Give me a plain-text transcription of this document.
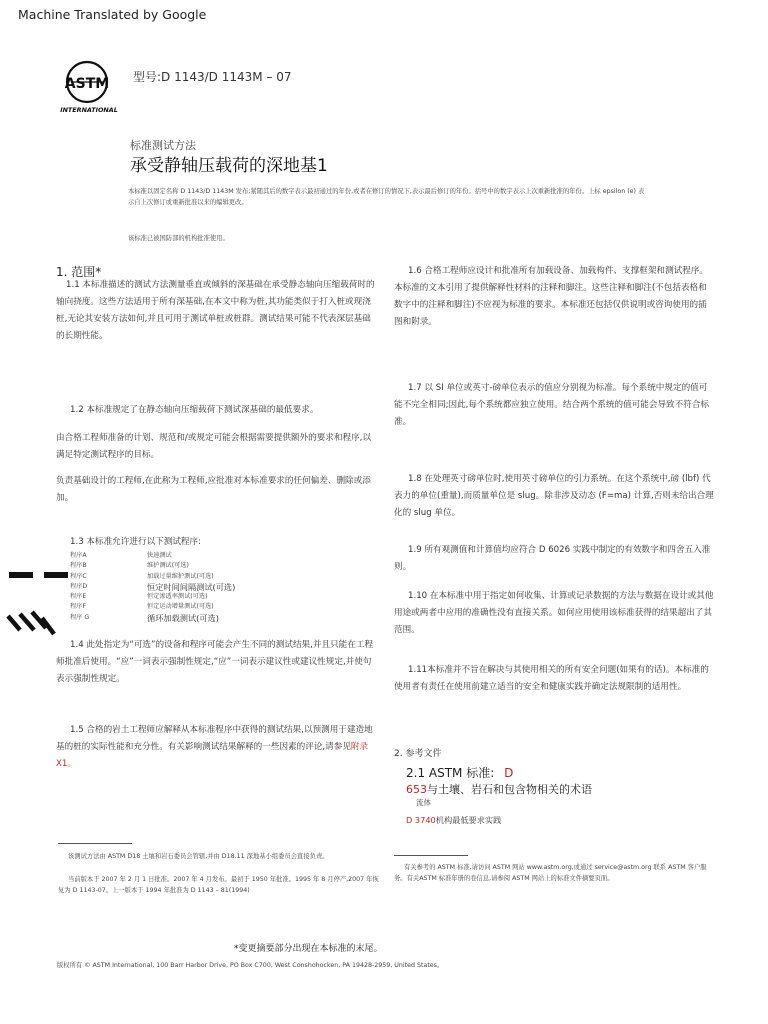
Machine Translated by Google
ASTM
INTERNATIONAL
型号:D 1143/D 1143M – 07
标准测试方法
承受静轴压载荷的深地基1
本标准以固定名称 D 1143/D 1143M 发布;紧随其后的数字表示最初通过的年份,或者在修订的情况下,表示最后修订的年份。括号中的数字表示上次重新批准的年份。上标 epsilon (e) 表示自上次修订或重新批准以来的编辑更改。
该标准已被国防部的机构批准使用。
1. 范围*
1.1 本标准描述的测试方法测量垂直或倾斜的深基础在承受静态轴向压缩载荷时的轴向挠度。这些方法适用于所有深基础,在本文中称为桩,其功能类似于打入桩或现浇桩,无论其安装方法如何,并且可用于测试单桩或桩群。测试结果可能不代表深层基础的长期性能。
1.2 本标准规定了在静态轴向压缩载荷下测试深基础的最低要求。
由合格工程师准备的计划、规范和/或规定可能会根据需要提供额外的要求和程序,以满足特定测试程序的目标。
负责基础设计的工程师,在此称为工程师,应批准对本标准要求的任何偏差、删除或添加。
1.3 本标准允许进行以下测试程序:
程序A	快速测试
程序B	维护测试(可选)
程序C	加载过量维护测试(可选)
程序D	恒定时间间隔测试(可选)
程序E	恒定渗透率测试(可选)
程序F	恒定运动增量测试(可选)
程序 G	循环加载测试(可选)
1.4 此处指定为“可选”的设备和程序可能会产生不同的测试结果,并且只能在工程师批准后使用。“应”一词表示强制性规定,“应”一词表示建议性或建议性规定,并使句表示强制性规定。
1.5 合格的岩土工程师应解释从本标准程序中获得的测试结果,以预测用于建造地基的桩的实际性能和充分性。有关影响测试结果解释的一些因素的评论,请参见附录 X1。
1.6 合格工程师应设计和批准所有加载设备、加载构件、支撑框架和测试程序。本标准的文本引用了提供解释性材料的注释和脚注。这些注释和脚注(不包括表格和数字中的注释和脚注)不应视为标准的要求。本标准还包括仅供说明或咨询使用的插图和附录。
1.7 以 SI 单位或英寸-磅单位表示的值应分别视为标准。每个系统中规定的值可能不完全相同;因此,每个系统都应独立使用。结合两个系统的值可能会导致不符合标准。
1.8 在处理英寸磅单位时,使用英寸磅单位的引力系统。在这个系统中,磅 (lbf) 代表力的单位(重量),而质量单位是 slug。除非涉及动态 (F=ma) 计算,否则未给出合理化的 slug 单位。
1.9 所有观测值和计算值均应符合 D 6026 实践中制定的有效数字和四舍五入准则。
1.10 在本标准中用于指定如何收集、计算或记录数据的方法与数据在设计或其他用途或两者中应用的准确性没有直接关系。如何应用使用该标准获得的结果超出了其范围。
1.11本标准并不旨在解决与其使用相关的所有安全问题(如果有的话)。本标准的使用者有责任在使用前建立适当的安全和健康实践并确定法规限制的适用性。
2. 参考文件
2.1 ASTM 标准: D
653与土壤、岩石和包含物相关的术语
流体
D 3740机构最低要求实践
该测试方法由 ASTM D18 土壤和岩石委员会管辖,并由 D18.11 深地基小组委员会直接负责。
当前版本于 2007 年 2 月 1 日批准。2007 年 4 月发布。最初于 1950 年批准。1995 年 8 月停产,2007 年恢复为 D 1143-07。上一版本于 1994 年批准为 D 1143 – 81(1994)
有关参考的 ASTM 标准,请访问 ASTM 网站 www.astm.org,或通过 service@astm.org 联系 ASTM 客户服务。有关ASTM 标准年册的卷信息,请参阅 ASTM 网站上的标准文件摘要页面。
*变更摘要部分出现在本标准的末尾。
版权所有 © ASTM International, 100 Barr Harbor Drive, PO Box C700, West Conshohocken, PA 19428-2959, United States。
